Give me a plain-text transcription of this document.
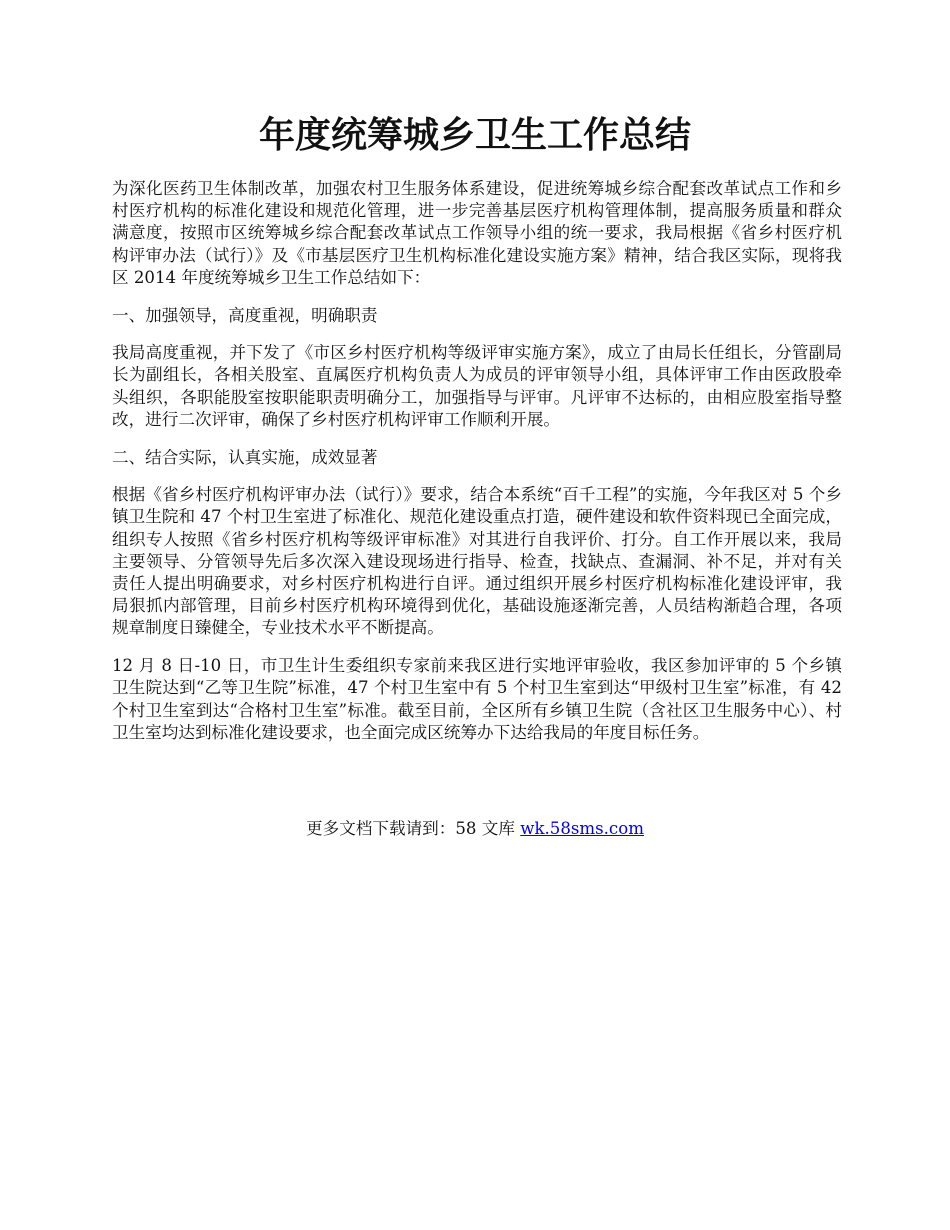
年度统筹城乡卫生工作总结

为深化医药卫生体制改革，加强农村卫生服务体系建设，促进统筹城乡综合配套改革试点工作和乡村医疗机构的标准化建设和规范化管理，进一步完善基层医疗机构管理体制，提高服务质量和群众满意度，按照市区统筹城乡综合配套改革试点工作领导小组的统一要求，我局根据《省乡村医疗机构评审办法（试行）》及《市基层医疗卫生机构标准化建设实施方案》精神，结合我区实际，现将我区 2014 年度统筹城乡卫生工作总结如下：

一、加强领导，高度重视，明确职责

我局高度重视，并下发了《市区乡村医疗机构等级评审实施方案》，成立了由局长任组长，分管副局长为副组长，各相关股室、直属医疗机构负责人为成员的评审领导小组，具体评审工作由医政股牵头组织，各职能股室按职能职责明确分工，加强指导与评审。凡评审不达标的，由相应股室指导整改，进行二次评审，确保了乡村医疗机构评审工作顺利开展。

二、结合实际，认真实施，成效显著

根据《省乡村医疗机构评审办法（试行）》要求，结合本系统“百千工程”的实施，今年我区对 5 个乡镇卫生院和 47 个村卫生室进了标准化、规范化建设重点打造，硬件建设和软件资料现已全面完成，组织专人按照《省乡村医疗机构等级评审标准》对其进行自我评价、打分。自工作开展以来，我局主要领导、分管领导先后多次深入建设现场进行指导、检查，找缺点、查漏洞、补不足，并对有关责任人提出明确要求，对乡村医疗机构进行自评。通过组织开展乡村医疗机构标准化建设评审，我局狠抓内部管理，目前乡村医疗机构环境得到优化，基础设施逐渐完善，人员结构渐趋合理，各项规章制度日臻健全，专业技术水平不断提高。

12 月 8 日-10 日，市卫生计生委组织专家前来我区进行实地评审验收，我区参加评审的 5 个乡镇卫生院达到“乙等卫生院”标准，47 个村卫生室中有 5 个村卫生室到达“甲级村卫生室”标准，有 42 个村卫生室到达“合格村卫生室”标准。截至目前，全区所有乡镇卫生院（含社区卫生服务中心）、村卫生室均达到标准化建设要求，也全面完成区统筹办下达给我局的年度目标任务。

更多文档下载请到：58 文库 wk.58sms.com
